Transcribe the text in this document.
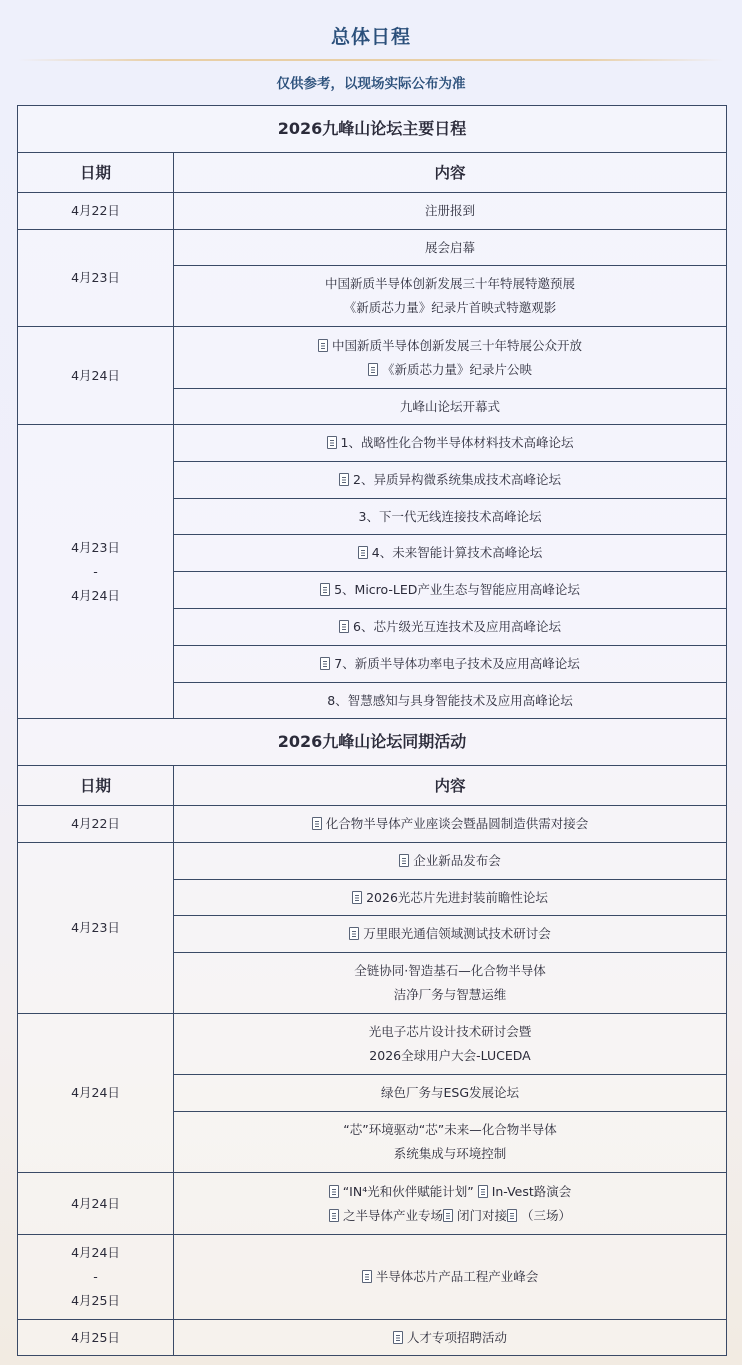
总体日程
仅供参考，以现场实际公布为准
2026九峰山论坛主要日程	
日期	内容
4月22日	注册报到
4月23日	展会启幕

	中国新质半导体创新发展三十年特展特邀预展
《新质芯力量》纪录片首映式特邀观影

4月24日	中国新质半导体创新发展三十年特展公众开放
《新质芯力量》纪录片公映

	九峰山论坛开幕式

4月23日
-
4月24日	1、战略性化合物半导体材料技术高峰论坛
	2、异质异构微系统集成技术高峰论坛
	3、下一代无线连接技术高峰论坛
	4、未来智能计算技术高峰论坛
	5、Micro-LED产业生态与智能应用高峰论坛
	6、芯片级光互连技术及应用高峰论坛
	7、新质半导体功率电子技术及应用高峰论坛
	8、智慧感知与具身智能技术及应用高峰论坛
2026九峰山论坛同期活动	
日期	内容
4月22日	化合物半导体产业座谈会暨晶圆制造供需对接会
4月23日	企业新品发布会
	2026光芯片先进封装前瞻性论坛
	万里眼光通信领域测试技术研讨会

	全链协同·智造基石—化合物半导体
洁净厂务与智慧运维

4月24日	光电子芯片设计技术研讨会暨
2026全球用户大会-LUCEDA

	绿色厂务与ESG发展论坛

	“芯”环境驱动“芯”未来—化合物半导体
系统集成与环境控制

4月24日	“IN⁴光和伙伴赋能计划” In-Vest路演会
之半导体产业专场 闭门对接 （三场）

4月24日
-
4月25日	半导体芯片产品工程产业峰会
4月25日	人才专项招聘活动
